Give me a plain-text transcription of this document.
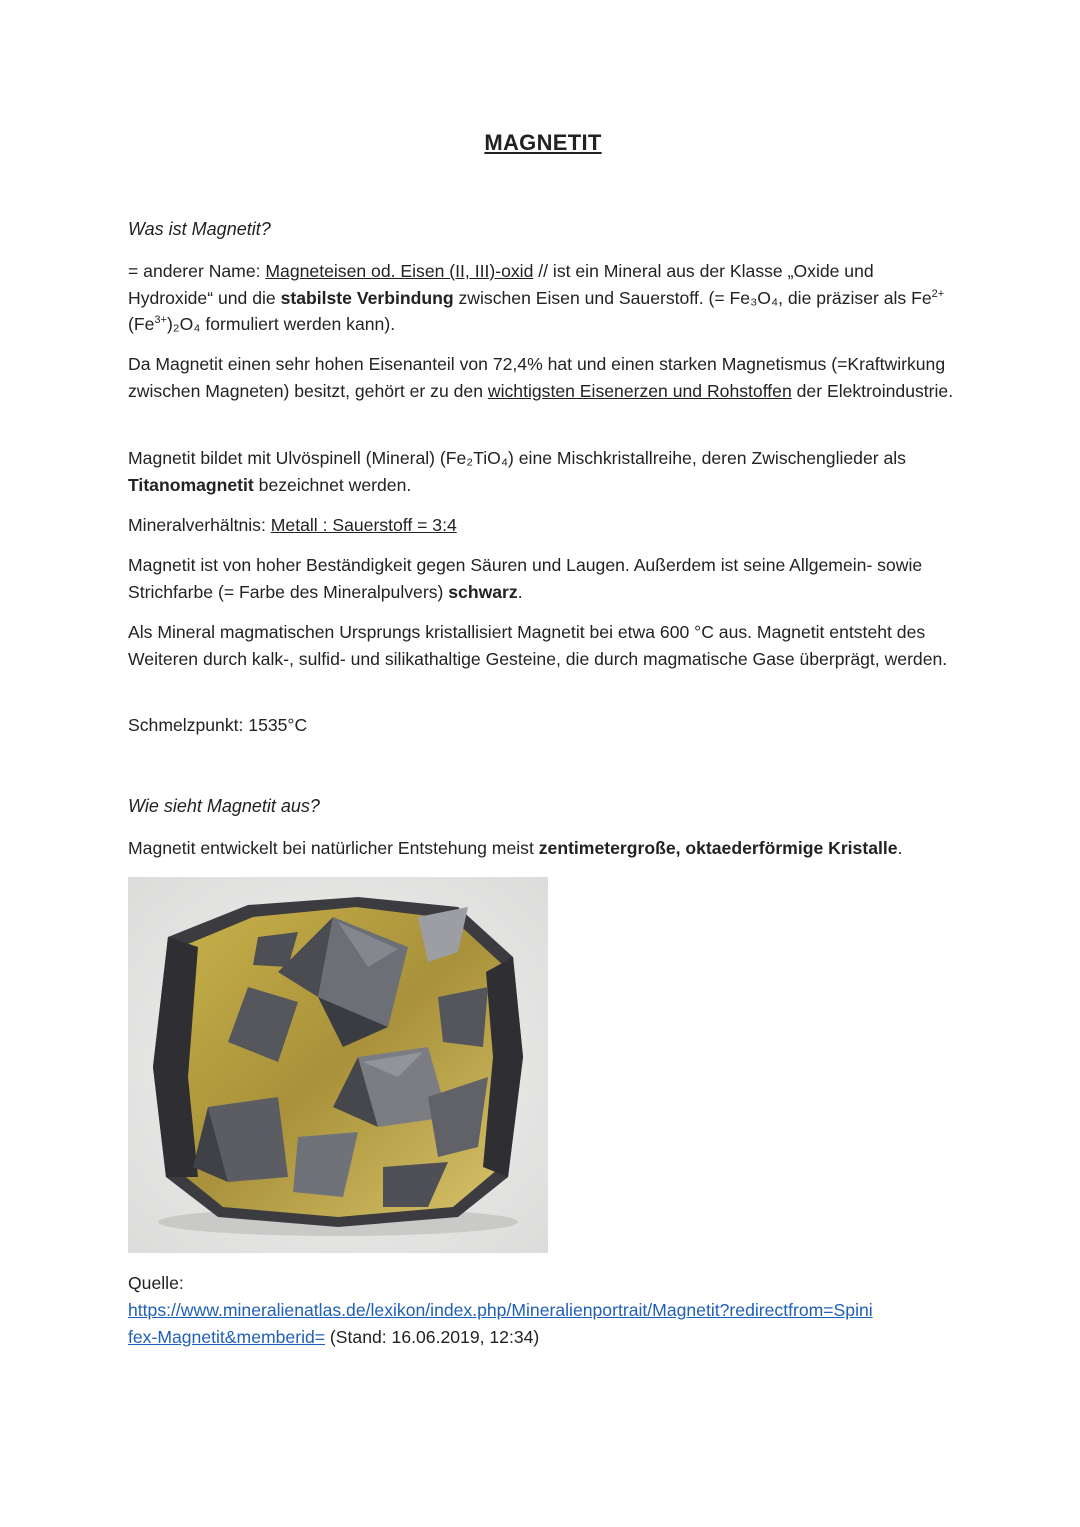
MAGNETIT
Was ist Magnetit?
= anderer Name: Magneteisen od. Eisen (II, III)-oxid // ist ein Mineral aus der Klasse „Oxide und Hydroxide“ und die stabilste Verbindung zwischen Eisen und Sauerstoff. (= Fe₃O₄, die präziser als $Fe^{2+}(Fe^{3+})_2O_4$ formuliert werden kann).
Da Magnetit einen sehr hohen Eisenanteil von 72,4% hat und einen starken Magnetismus (=Kraftwirkung zwischen Magneten) besitzt, gehört er zu den wichtigsten Eisenerzen und Rohstoffen der Elektroindustrie.
Magnetit bildet mit Ulvöspinell (Mineral) (Fe₂TiO₄) eine Mischkristallreihe, deren Zwischenglieder als Titanomagnetit bezeichnet werden.
Mineralverhältnis: Metall : Sauerstoff = 3:4
Magnetit ist von hoher Beständigkeit gegen Säuren und Laugen. Außerdem ist seine Allgemein- sowie Strichfarbe (= Farbe des Mineralpulvers) schwarz.
Als Mineral magmatischen Ursprungs kristallisiert Magnetit bei etwa 600 °C aus. Magnetit entsteht des Weiteren durch kalk-, sulfid- und silikathaltige Gesteine, die durch magmatische Gase überprägt, werden.
Schmelzpunkt: 1535°C
Wie sieht Magnetit aus?
Magnetit entwickelt bei natürlicher Entstehung meist zentimetergroße, oktaederförmige Kristalle.
Quelle:
https://www.mineralienatlas.de/lexikon/index.php/Mineralienportrait/Magnetit?redirectfrom=Spini
fex-Magnetit&memberid= (Stand: 16.06.2019, 12:34)
